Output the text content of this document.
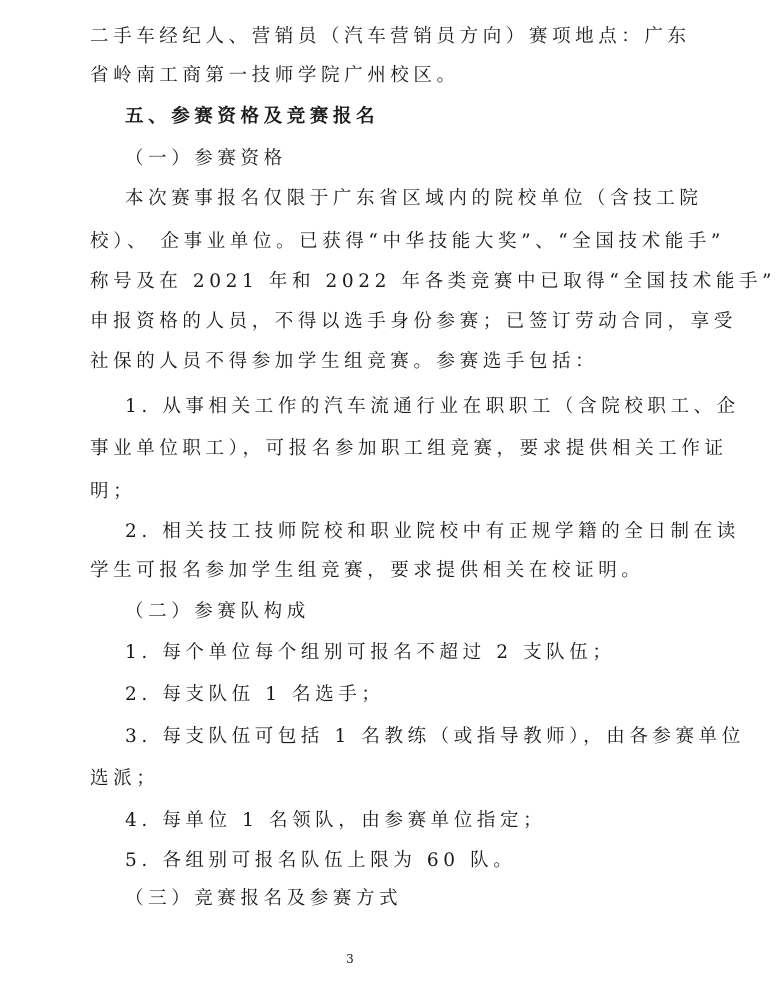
二手车经纪人、营销员（汽车营销员方向）赛项地点：广东
省岭南工商第一技师学院广州校区。
五、参赛资格及竞赛报名
（一）参赛资格
本次赛事报名仅限于广东省区域内的院校单位（含技工院
校）、 企事业单位。已获得“中华技能大奖”、“全国技术能手”
称号及在 2021 年和 2022 年各类竞赛中已取得“全国技术能手”
申报资格的人员，不得以选手身份参赛；已签订劳动合同，享受
社保的人员不得参加学生组竞赛。参赛选手包括：
1. 从事相关工作的汽车流通行业在职职工（含院校职工、企
事业单位职工），可报名参加职工组竞赛，要求提供相关工作证
明；
2. 相关技工技师院校和职业院校中有正规学籍的全日制在读
学生可报名参加学生组竞赛，要求提供相关在校证明。
（二）参赛队构成
1. 每个单位每个组别可报名不超过 2 支队伍；
2. 每支队伍 1 名选手；
3. 每支队伍可包括 1 名教练（或指导教师），由各参赛单位
选派；
4. 每单位 1 名领队，由参赛单位指定；
5. 各组别可报名队伍上限为 60 队。
（三）竞赛报名及参赛方式
3
